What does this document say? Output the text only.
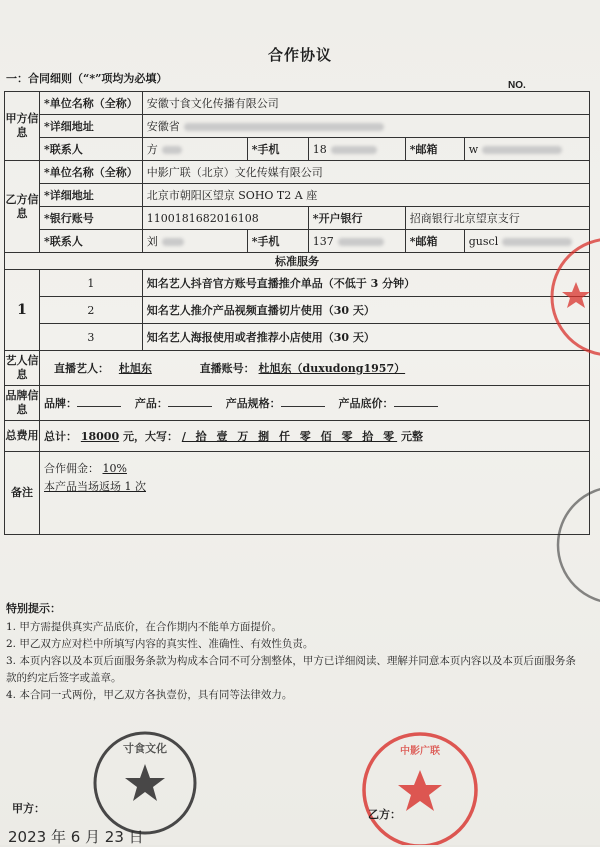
合作协议
一：合同细则（“*”项均为必填）
NO.
甲方信息	*单位名称（全称）	安徽寸食文化传播有限公司				
	*详细地址	安徽省				
	*联系人	方	*手机	18	*邮箱	w
乙方信息	*单位名称（全称）	中影广联（北京）文化传媒有限公司				
	*详细地址	北京市朝阳区望京 SOHO T2 A 座				
	*银行账号	1100181682016108		*开户银行	招商银行北京望京支行	
	*联系人	刘	*手机	137	*邮箱	guscl
标准服务						
1	1	知名艺人抖音官方账号直播推介单品（不低于 3 分钟）				
	2	知名艺人推介产品视频直播切片使用（30 天）				
	3	知名艺人海报使用或者推荐小店使用（30 天）				
艺人信息	直播艺人： 杜旭东 直播账号： 杜旭东（duxudong1957）					
品牌信息	品牌： 产品： 产品规格： 产品底价：					
总费用	总计： 18000 元，大写： / 拾 壹 万 捌 仟 零 佰 零 拾 零 元整					
备注	合作佣金： 10%
本产品当场返场 1 次					
特别提示：
1. 甲方需提供真实产品底价，在合作期内不能单方面提价。
2. 甲乙双方应对栏中所填写内容的真实性、准确性、有效性负责。
3. 本页内容以及本页后面服务条款为构成本合同不可分割整体，甲方已详细阅读、理解并同意本页内容以及本页后面服务条款的约定后签字或盖章。
4. 本合同一式两份，甲乙双方各执壹份，具有同等法律效力。
寸食文化	中影广联
甲方：	乙方：
2023 年 6 月 23 日
